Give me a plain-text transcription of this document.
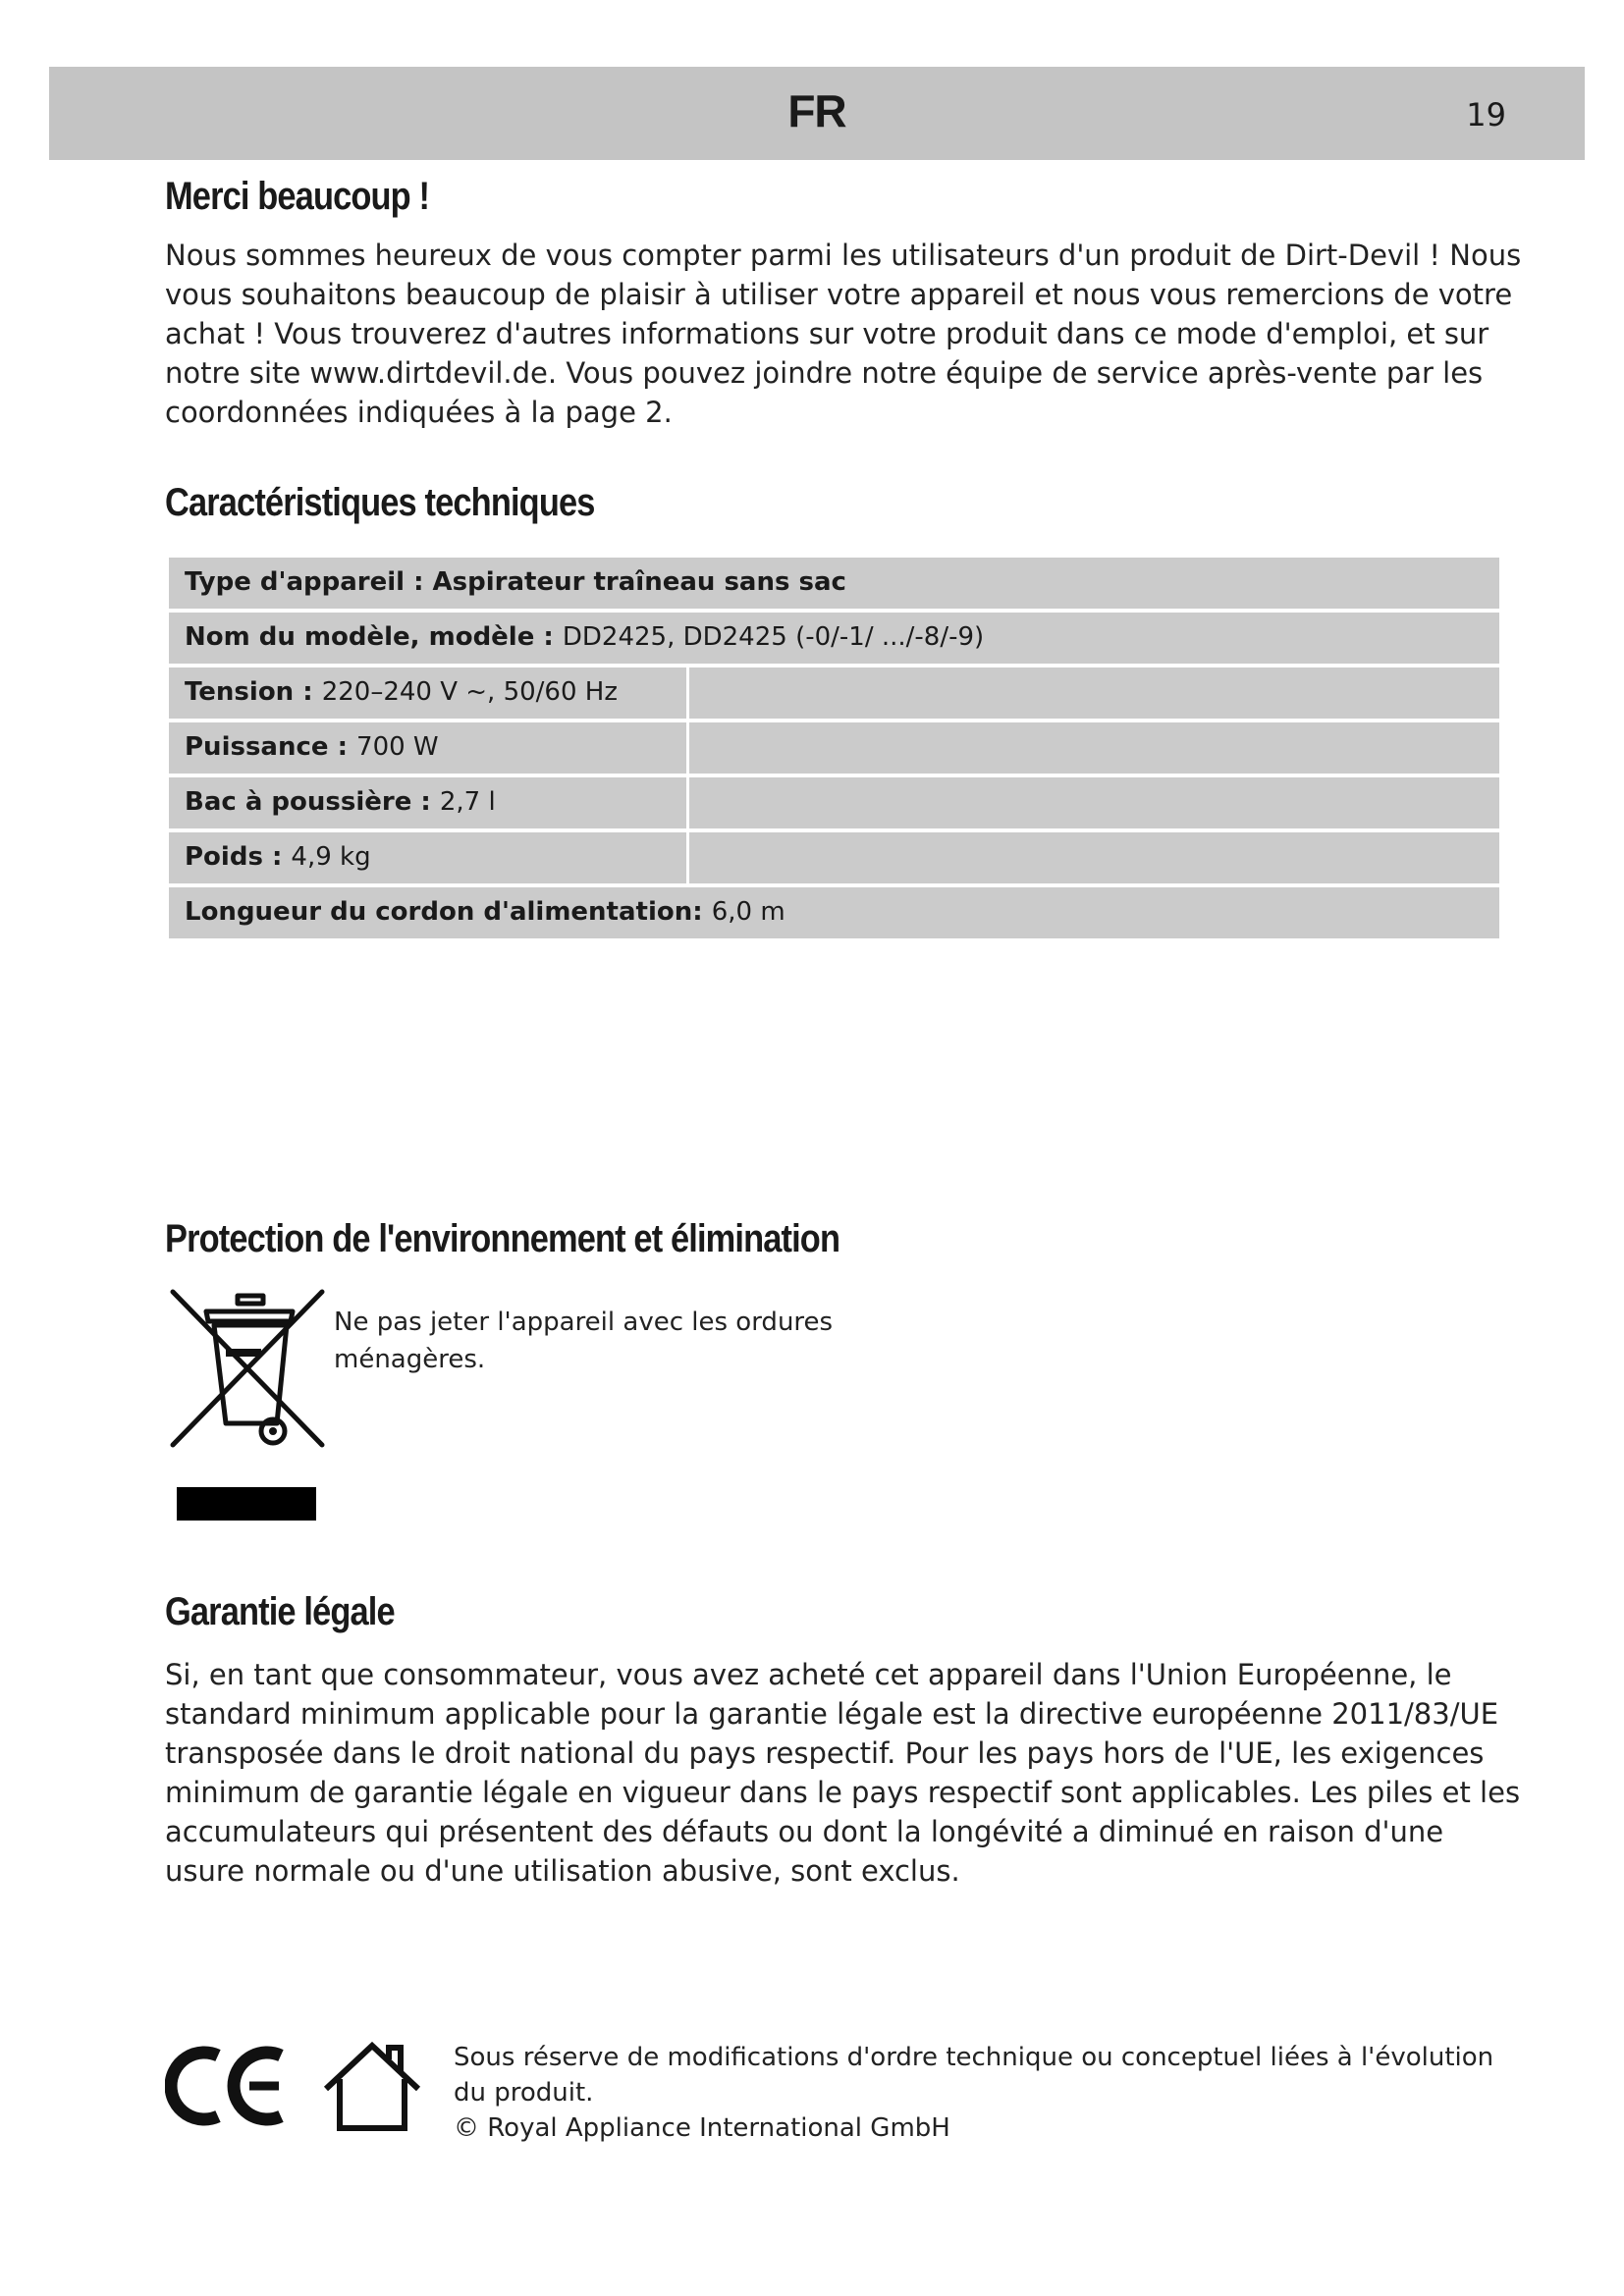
FR	19
Merci beaucoup !

Nous sommes heureux de vous compter parmi les utilisateurs d'un produit de Dirt-Devil ! Nous vous souhaitons beaucoup de plaisir à utiliser votre appareil et nous vous remercions de votre achat ! Vous trouverez d'autres informations sur votre produit dans ce mode d'emploi, et sur notre site www.dirtdevil.de. Vous pouvez joindre notre équipe de service après-vente par les coordonnées indiquées à la page 2.

Caractéristiques techniques
Type d'appareil : Aspirateur traîneau sans sac
Nom du modèle, modèle : DD2425, DD2425 (-0/-1/ .../-8/-9)
Tension : 220–240 V ~, 50/60 Hz
Puissance : 700 W
Bac à poussière : 2,7 l
Poids : 4,9 kg
Longueur du cordon d'alimentation: 6,0 m
Protection de l'environnement et élimination

Ne pas jeter l'appareil avec les ordures ménagères.

Garantie légale

Si, en tant que consommateur, vous avez acheté cet appareil dans l'Union Européenne, le standard minimum applicable pour la garantie légale est la directive européenne 2011/83/UE transposée dans le droit national du pays respectif. Pour les pays hors de l'UE, les exigences minimum de garantie légale en vigueur dans le pays respectif sont applicables. Les piles et les accumulateurs qui présentent des défauts ou dont la longévité a diminué en raison d'une usure normale ou d'une utilisation abusive, sont exclus.

Sous réserve de modifications d'ordre technique ou conceptuel liées à l'évolution du produit.
© Royal Appliance International GmbH
